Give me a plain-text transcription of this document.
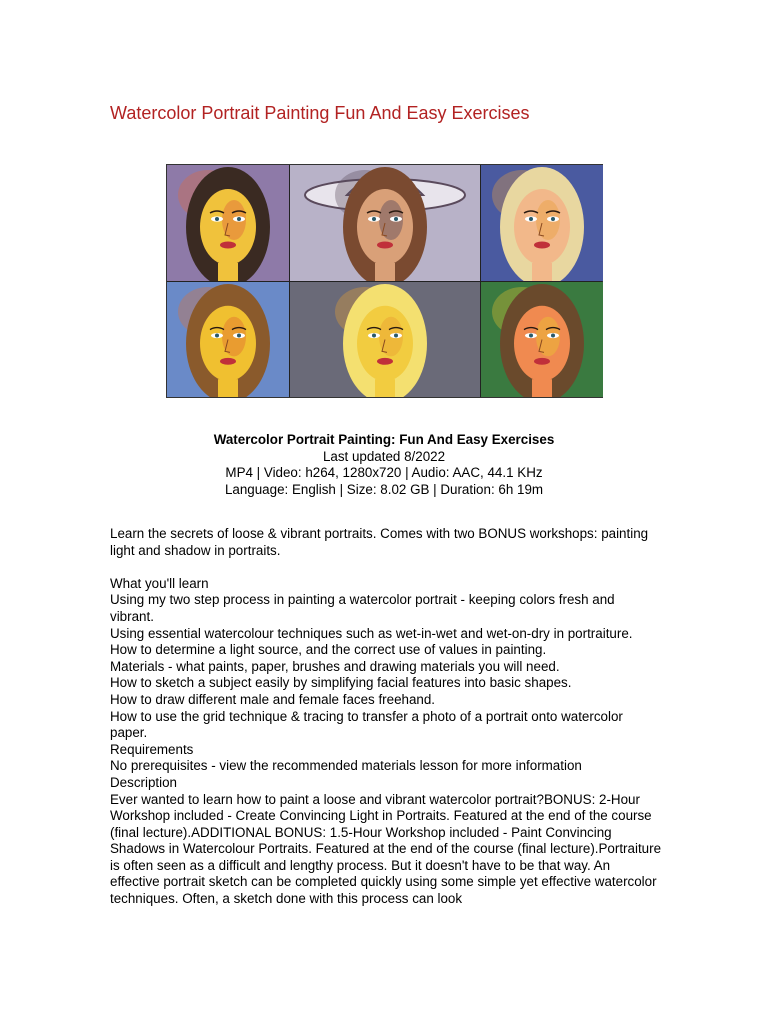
Watercolor Portrait Painting Fun And Easy Exercises
Watercolor Portrait Painting: Fun And Easy Exercises
Last updated 8/2022
MP4 | Video: h264, 1280x720 | Audio: AAC, 44.1 KHz
Language: English | Size: 8.02 GB | Duration: 6h 19m

Learn the secrets of loose & vibrant portraits. Comes with two BONUS workshops: painting light and shadow in portraits.

What you'll learn

Using my two step process in painting a watercolor portrait - keeping colors fresh and vibrant.

Using essential watercolour techniques such as wet-in-wet and wet-on-dry in portraiture.

How to determine a light source, and the correct use of values in painting.

Materials - what paints, paper, brushes and drawing materials you will need.

How to sketch a subject easily by simplifying facial features into basic shapes.

How to draw different male and female faces freehand.

How to use the grid technique & tracing to transfer a photo of a portrait onto watercolor paper.

Requirements

No prerequisites - view the recommended materials lesson for more information

Description

Ever wanted to learn how to paint a loose and vibrant watercolor portrait?BONUS: 2-Hour Workshop included - Create Convincing Light in Portraits. Featured at the end of the course (final lecture).ADDITIONAL BONUS: 1.5-Hour Workshop included - Paint Convincing Shadows in Watercolour Portraits. Featured at the end of the course (final lecture).Portraiture is often seen as a difficult and lengthy process. But it doesn't have to be that way. An effective portrait sketch can be completed quickly using some simple yet effective watercolor techniques. Often, a sketch done with this process can look
